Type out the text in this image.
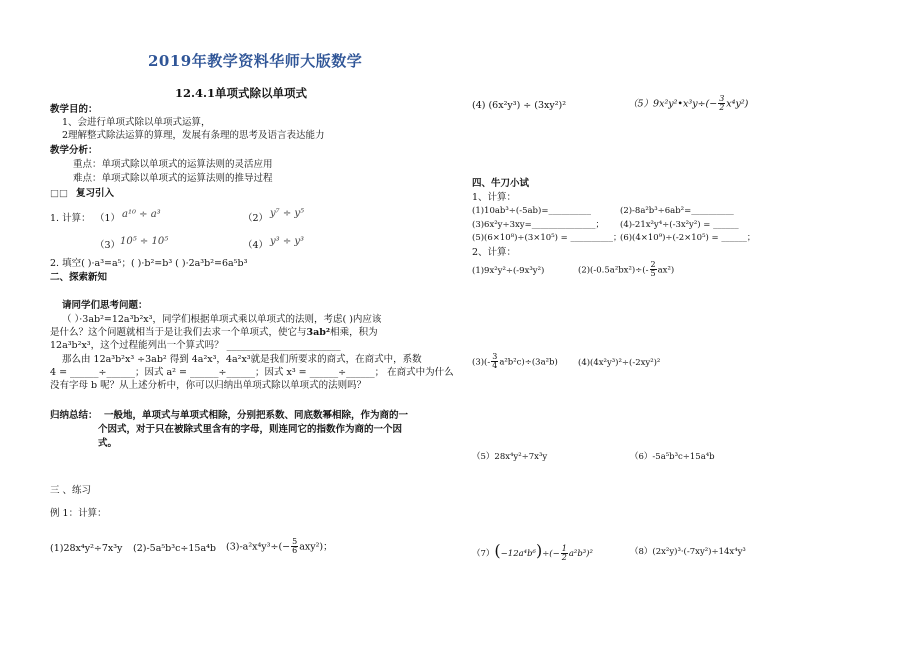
2019年教学资料华师大版数学
12.4.1单项式除以单项式
教学目的：
1、会进行单项式除以单项式运算，
2理解整式除法运算的算理，发展有条理的思考及语言表达能力
教学分析：
重点：单项式除以单项式的运算法则的灵活应用
难点：单项式除以单项式的运算法则的推导过程
□□ 复习引入
1. 计算： （1） a¹⁰ ÷ a³	（2） y⁷ ÷ y⁵
（3） 10⁵ ÷ 10⁵	（4） y³ ÷ y³
2. 填空( )·a³=a⁵；( )·b²=b³ ( )·2a³b²=6a⁵b³
二、探索新知
请同学们思考问题：
（ ）·3ab²=12a³b²x³，同学们根据单项式乘以单项式的法则，考虑( )内应该
是什么？这个问题就相当于是让我们去求一个单项式，使它与3ab²相乘，积为
12a³b²x³，这个过程能列出一个算式吗？ ________________________
那么由 12a³b²x³ ÷3ab² 得到 4a²x³，4a²x³就是我们所要求的商式，在商式中，系数
4 = ______÷______；因式 a² = ______÷______；因式 x³ = ______÷______； 在商式中为什么
没有字母 b 呢？从上述分析中，你可以归纳出单项式除以单项式的法则吗？
归纳总结： 一般地，单项式与单项式相除，分别把系数、同底数幂相除，作为商的一
个因式，对于只在被除式里含有的字母，则连同它的指数作为商的一个因
式。
三 、练习
例 1：计算：
(1)28x⁴y²÷7x³y (2)-5a⁵b³c÷15a⁴b $(3)-a^2x^4y^3\div(- \frac{5}{6} axy^2)$；
(4) (6x²y³) ÷ (3xy²)²	（5）9x²y²•x³y÷(− $\frac{3}{2} x^4y^2$)
四、牛刀小试
1、计算：
(1)10ab³÷(-5ab)=__________	(2)-8a²b³÷6ab²=__________
(3)6x²y÷3xy=_______________； (4)-21x²y⁴÷(-3x²y²) = ______
(5)(6×10⁸)÷(3×10⁵) = __________；
(6)(4×10⁹)÷(-2×10⁵) = ______；
2、计算：
(1)9x²y²÷(-9x³y²)	$(2)(-0.5a^2bx^2)\div(- \frac{2}{5} ax^2)$
$(3)(- \frac{3}{4} a^2b^2c)\div(3a^2b)$ (4)(4x²y³)²÷(-2xy²)²
（5）28x⁴y²÷7x³y	（6）-5a⁵b³c÷15a⁴b
$(7)(-12a^4b^6)\div(- \frac{1}{2} a^2b^3)^2$	（8）(2x²y)³·(-7xy²)÷14x⁴y³
